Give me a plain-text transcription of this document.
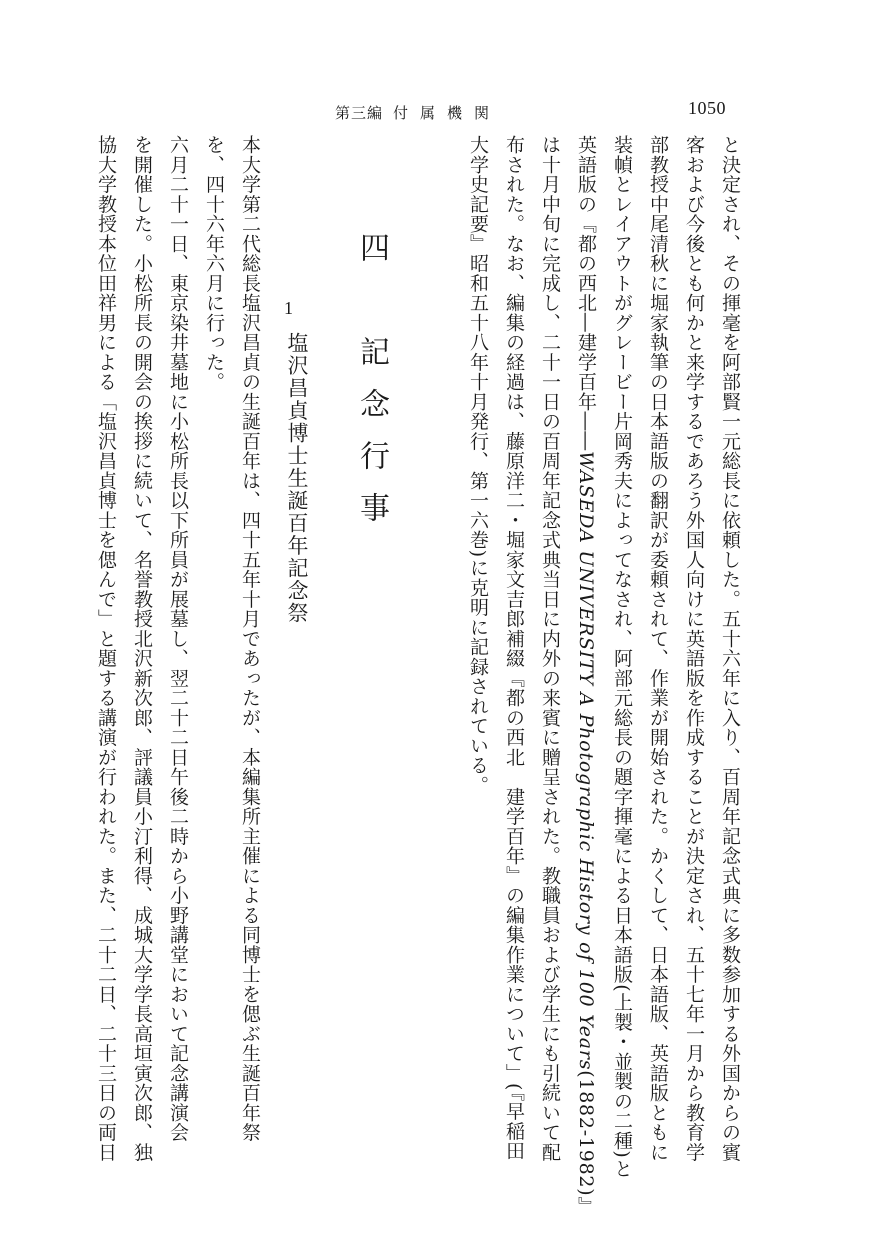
第三編 付属機関	1050
と決定され、その揮毫を阿部賢一元総長に依頼した。五十六年に入り、百周年記念式典に多数参加する外国からの賓
客および今後とも何かと来学するであろう外国人向けに英語版を作成することが決定され、五十七年一月から教育学
部教授中尾清秋に堀家執筆の日本語版の翻訳が委頼されて、作業が開始された。かくして、日本語版、英語版ともに
装幀とレイアウトがグレービー片岡秀夫によってなされ、阿部元総長の題字揮毫による日本語版(上製・並製の二種)と
英語版の『都の西北―建学百年――WASEDA UNIVERSITY A Photographic History of 100 Years(1882-1982)』
は十月中旬に完成し、二十一日の百周年記念式典当日に内外の来賓に贈呈された。教職員および学生にも引続いて配
布された。なお、編集の経過は、藤原洋二・堀家文吉郎補綴『都の西北　建学百年』の編集作業について」(『早稲田
大学史記要』昭和五十八年十月発行、第一六巻)に克明に記録されている。
四　記念行事
1
塩沢昌貞博士生誕百年記念祭
本大学第二代総長塩沢昌貞の生誕百年は、四十五年十月であったが、本編集所主催による同博士を偲ぶ生誕百年祭
を、四十六年六月に行った。
六月二十一日、東京染井墓地に小松所長以下所員が展墓し、翌二十二日午後二時から小野講堂において記念講演会
を開催した。小松所長の開会の挨拶に続いて、名誉教授北沢新次郎、評議員小汀利得、成城大学学長高垣寅次郎、独
協大学教授本位田祥男による「塩沢昌貞博士を偲んで」と題する講演が行われた。また、二十二日、二十三日の両日
